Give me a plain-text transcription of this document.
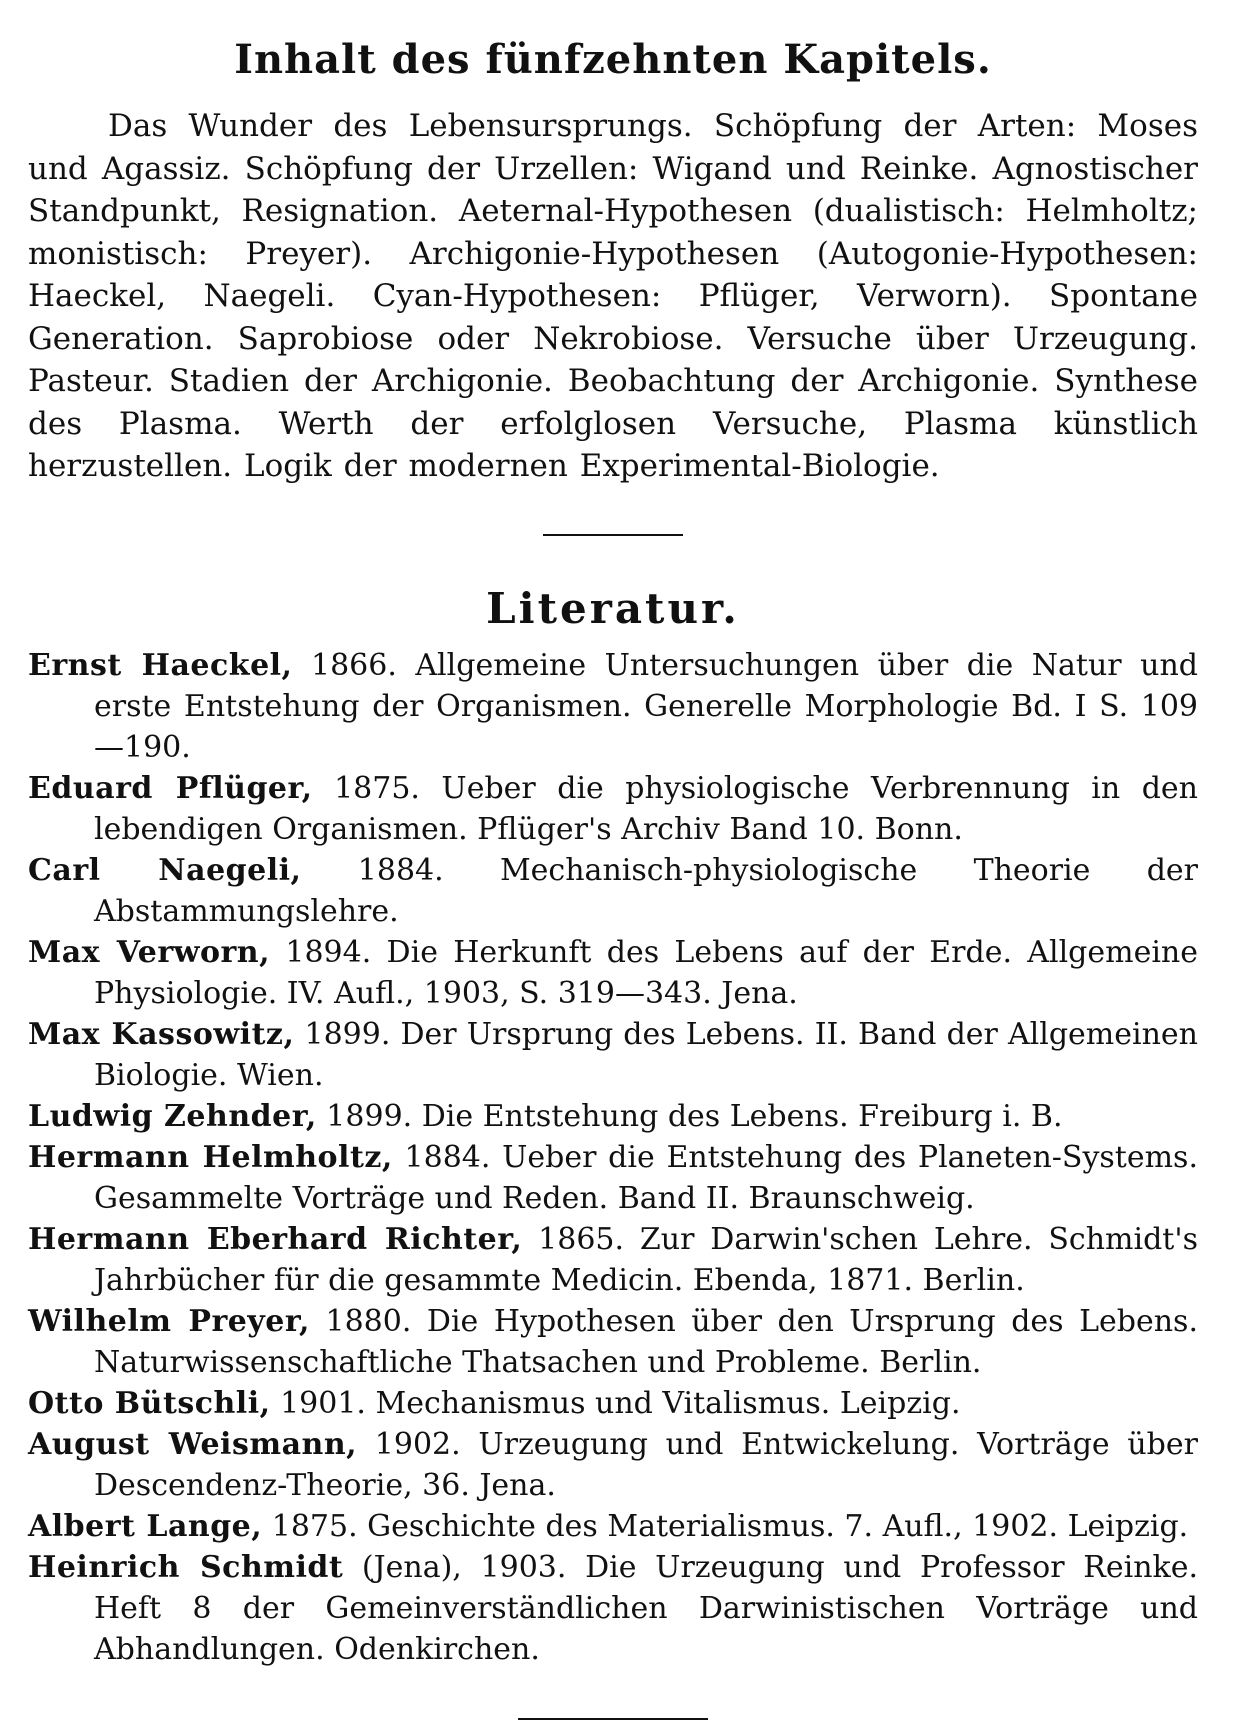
Inhalt des fünfzehnten Kapitels.

Das Wunder des Lebensursprungs. Schöpfung der Arten: Moses und Agassiz. Schöpfung der Urzellen: Wigand und Reinke. Agnostischer Standpunkt, Resignation. Aeternal-Hypothesen (dualistisch: Helmholtz; monistisch: Preyer). Archigonie-Hypothesen (Autogonie-Hypothesen: Haeckel, Naegeli. Cyan-Hypothesen: Pflüger, Verworn). Spontane Generation. Saprobiose oder Nekrobiose. Versuche über Urzeugung. Pasteur. Stadien der Archigonie. Beobachtung der Archigonie. Synthese des Plasma. Werth der erfolglosen Versuche, Plasma künstlich herzustellen. Logik der modernen Experimental-Biologie.

Literatur.
Ernst Haeckel, 1866. Allgemeine Untersuchungen über die Natur und erste Entstehung der Organismen. Generelle Morphologie Bd. I S. 109—190.
Eduard Pflüger, 1875. Ueber die physiologische Verbrennung in den lebendigen Organismen. Pflüger's Archiv Band 10. Bonn.
Carl Naegeli, 1884. Mechanisch-physiologische Theorie der Abstammungslehre.
Max Verworn, 1894. Die Herkunft des Lebens auf der Erde. Allgemeine Physiologie. IV. Aufl., 1903, S. 319—343. Jena.
Max Kassowitz, 1899. Der Ursprung des Lebens. II. Band der Allgemeinen Biologie. Wien.
Ludwig Zehnder, 1899. Die Entstehung des Lebens. Freiburg i. B.
Hermann Helmholtz, 1884. Ueber die Entstehung des Planeten-Systems. Gesammelte Vorträge und Reden. Band II. Braunschweig.
Hermann Eberhard Richter, 1865. Zur Darwin'schen Lehre. Schmidt's Jahrbücher für die gesammte Medicin. Ebenda, 1871. Berlin.
Wilhelm Preyer, 1880. Die Hypothesen über den Ursprung des Lebens. Naturwissenschaftliche Thatsachen und Probleme. Berlin.
Otto Bütschli, 1901. Mechanismus und Vitalismus. Leipzig.
August Weismann, 1902. Urzeugung und Entwickelung. Vorträge über Descendenz-Theorie, 36. Jena.
Albert Lange, 1875. Geschichte des Materialismus. 7. Aufl., 1902. Leipzig.
Heinrich Schmidt (Jena), 1903. Die Urzeugung und Professor Reinke. Heft 8 der Gemeinverständlichen Darwinistischen Vorträge und Abhandlungen. Odenkirchen.
